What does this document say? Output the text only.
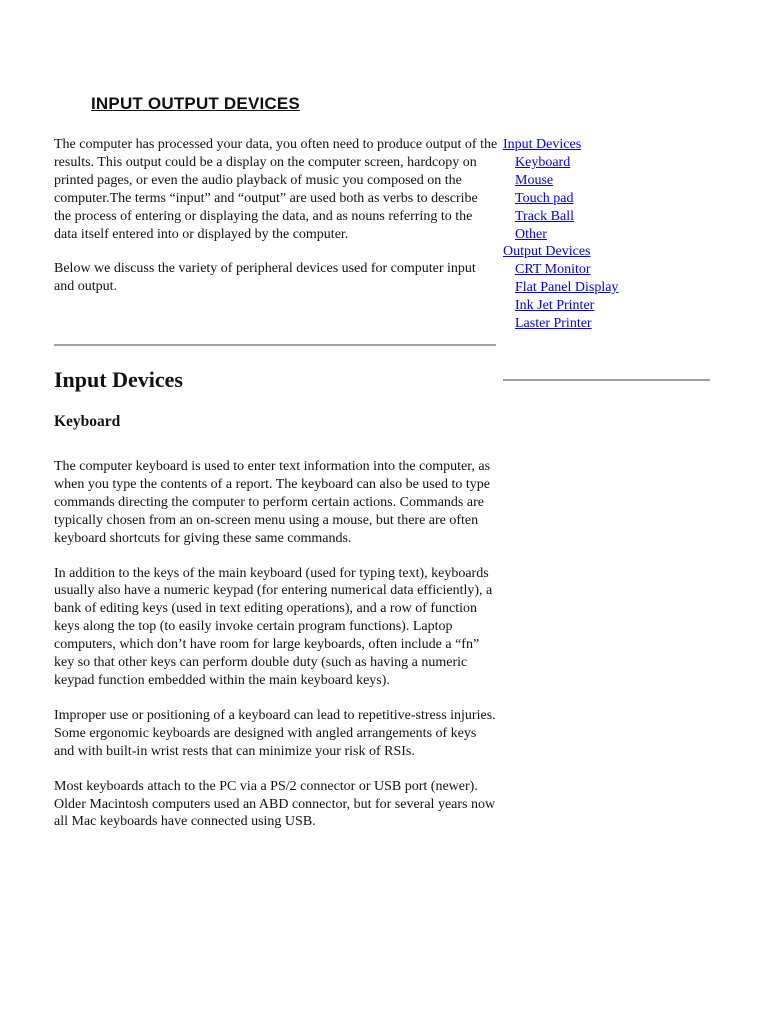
INPUT OUTPUT DEVICES

The computer has processed your data, you often need to produce output of the results. This output could be a display on the computer screen, hardcopy on printed pages, or even the audio playback of music you composed on the computer.The terms “input” and “output” are used both as verbs to describe the process of entering or displaying the data, and as nouns referring to the data itself entered into or displayed by the computer.

Below we discuss the variety of peripheral devices used for computer input and output.

Input Devices
Keyboard
Mouse
Touch pad
Track Ball
Other
Output Devices
CRT Monitor
Flat Panel Display
Ink Jet Printer
Laster Printer
Input Devices
Keyboard

The computer keyboard is used to enter text information into the computer, as when you type the contents of a report. The keyboard can also be used to type commands directing the computer to perform certain actions. Commands are typically chosen from an on-screen menu using a mouse, but there are often keyboard shortcuts for giving these same commands.

In addition to the keys of the main keyboard (used for typing text), keyboards usually also have a numeric keypad (for entering numerical data efficiently), a bank of editing keys (used in text editing operations), and a row of function keys along the top (to easily invoke certain program functions). Laptop computers, which don’t have room for large keyboards, often include a “fn” key so that other keys can perform double duty (such as having a numeric keypad function embedded within the main keyboard keys).

Improper use or positioning of a keyboard can lead to repetitive-stress injuries. Some ergonomic keyboards are designed with angled arrangements of keys and with built-in wrist rests that can minimize your risk of RSIs.

Most keyboards attach to the PC via a PS/2 connector or USB port (newer). Older Macintosh computers used an ABD connector, but for several years now all Mac keyboards have connected using USB.
